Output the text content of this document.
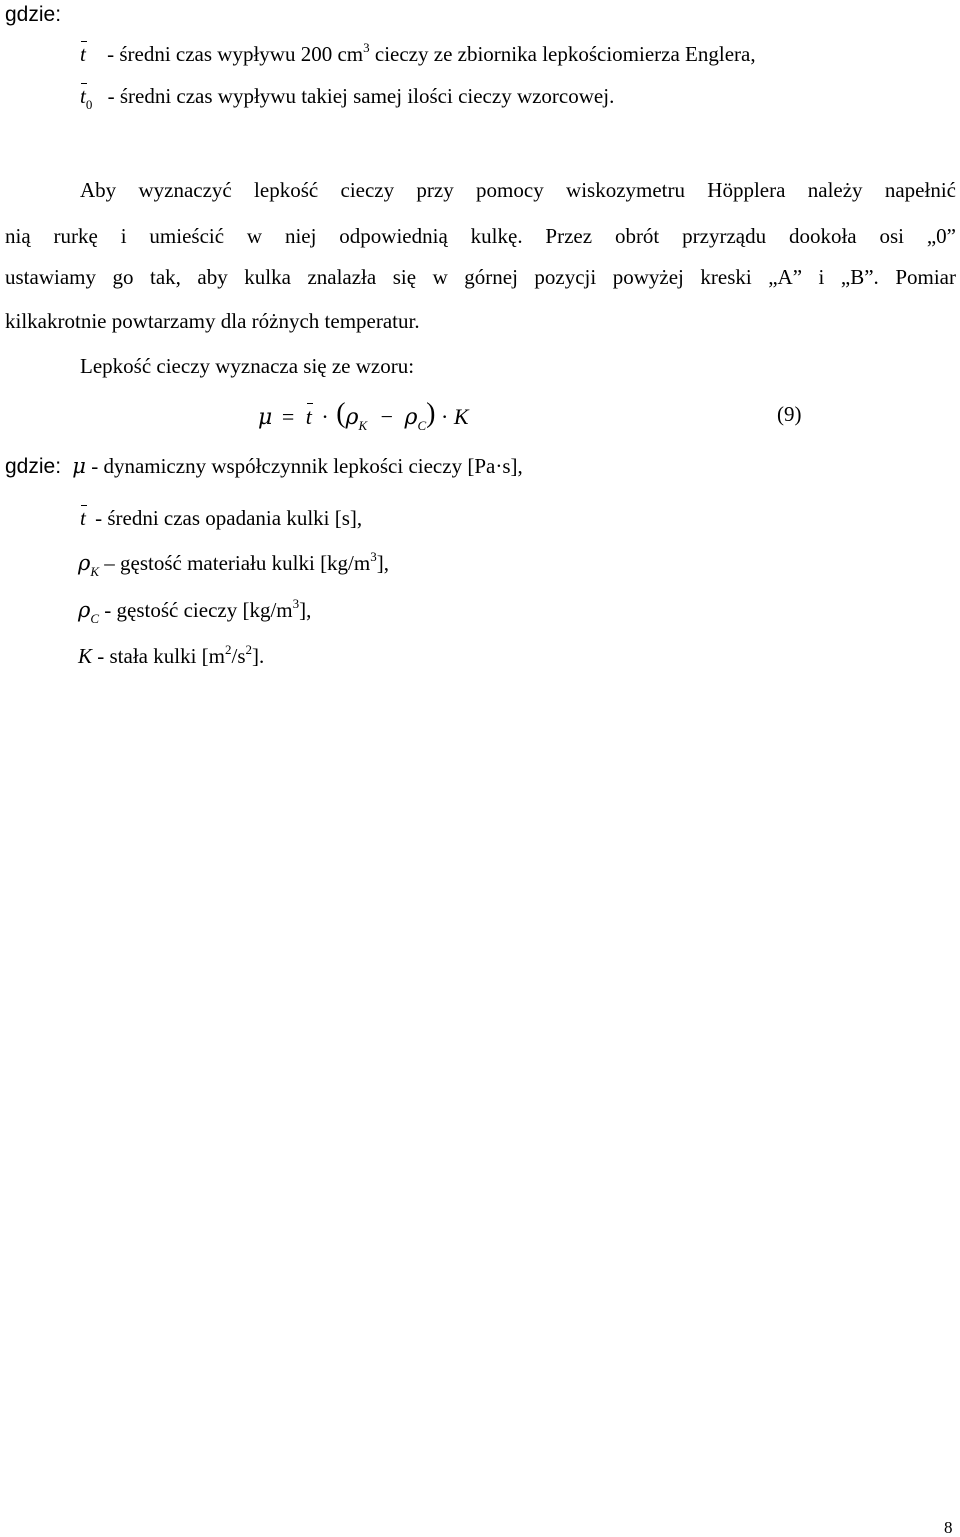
gdzie:
t - średni czas wypływu 200 $cm^3$ cieczy ze zbiornika lepkościomierza Englera,
$t_0$ - średni czas wypływu takiej samej ilości cieczy wzorcowej.
Aby wyznaczyć lepkość cieczy przy pomocy wiskozymetru Höpplera należy napełnić
nią rurkę i umieścić w niej odpowiednią kulkę. Przez obrót przyrządu dookoła osi „0”
ustawiamy go tak, aby kulka znalazła się w górnej pozycji powyżej kreski „A” i „B”. Pomiar
kilkakrotnie powtarzamy dla różnych temperatur.
Lepkość cieczy wyznacza się ze wzoru:
$\mu = t \cdot (\rho_K - \rho_C) \cdot K$	(9)
gdzie: μ - dynamiczny współczynnik lepkości cieczy [Pa·s],
t - średni czas opadania kulki [s],
$\rho_K$ – gęstość materiału kulki $[kg/m^3]$,
$\rho_C$ - gęstość cieczy $[kg/m^3]$,
K - stała kulki $[m^2/s^2]$.
8
